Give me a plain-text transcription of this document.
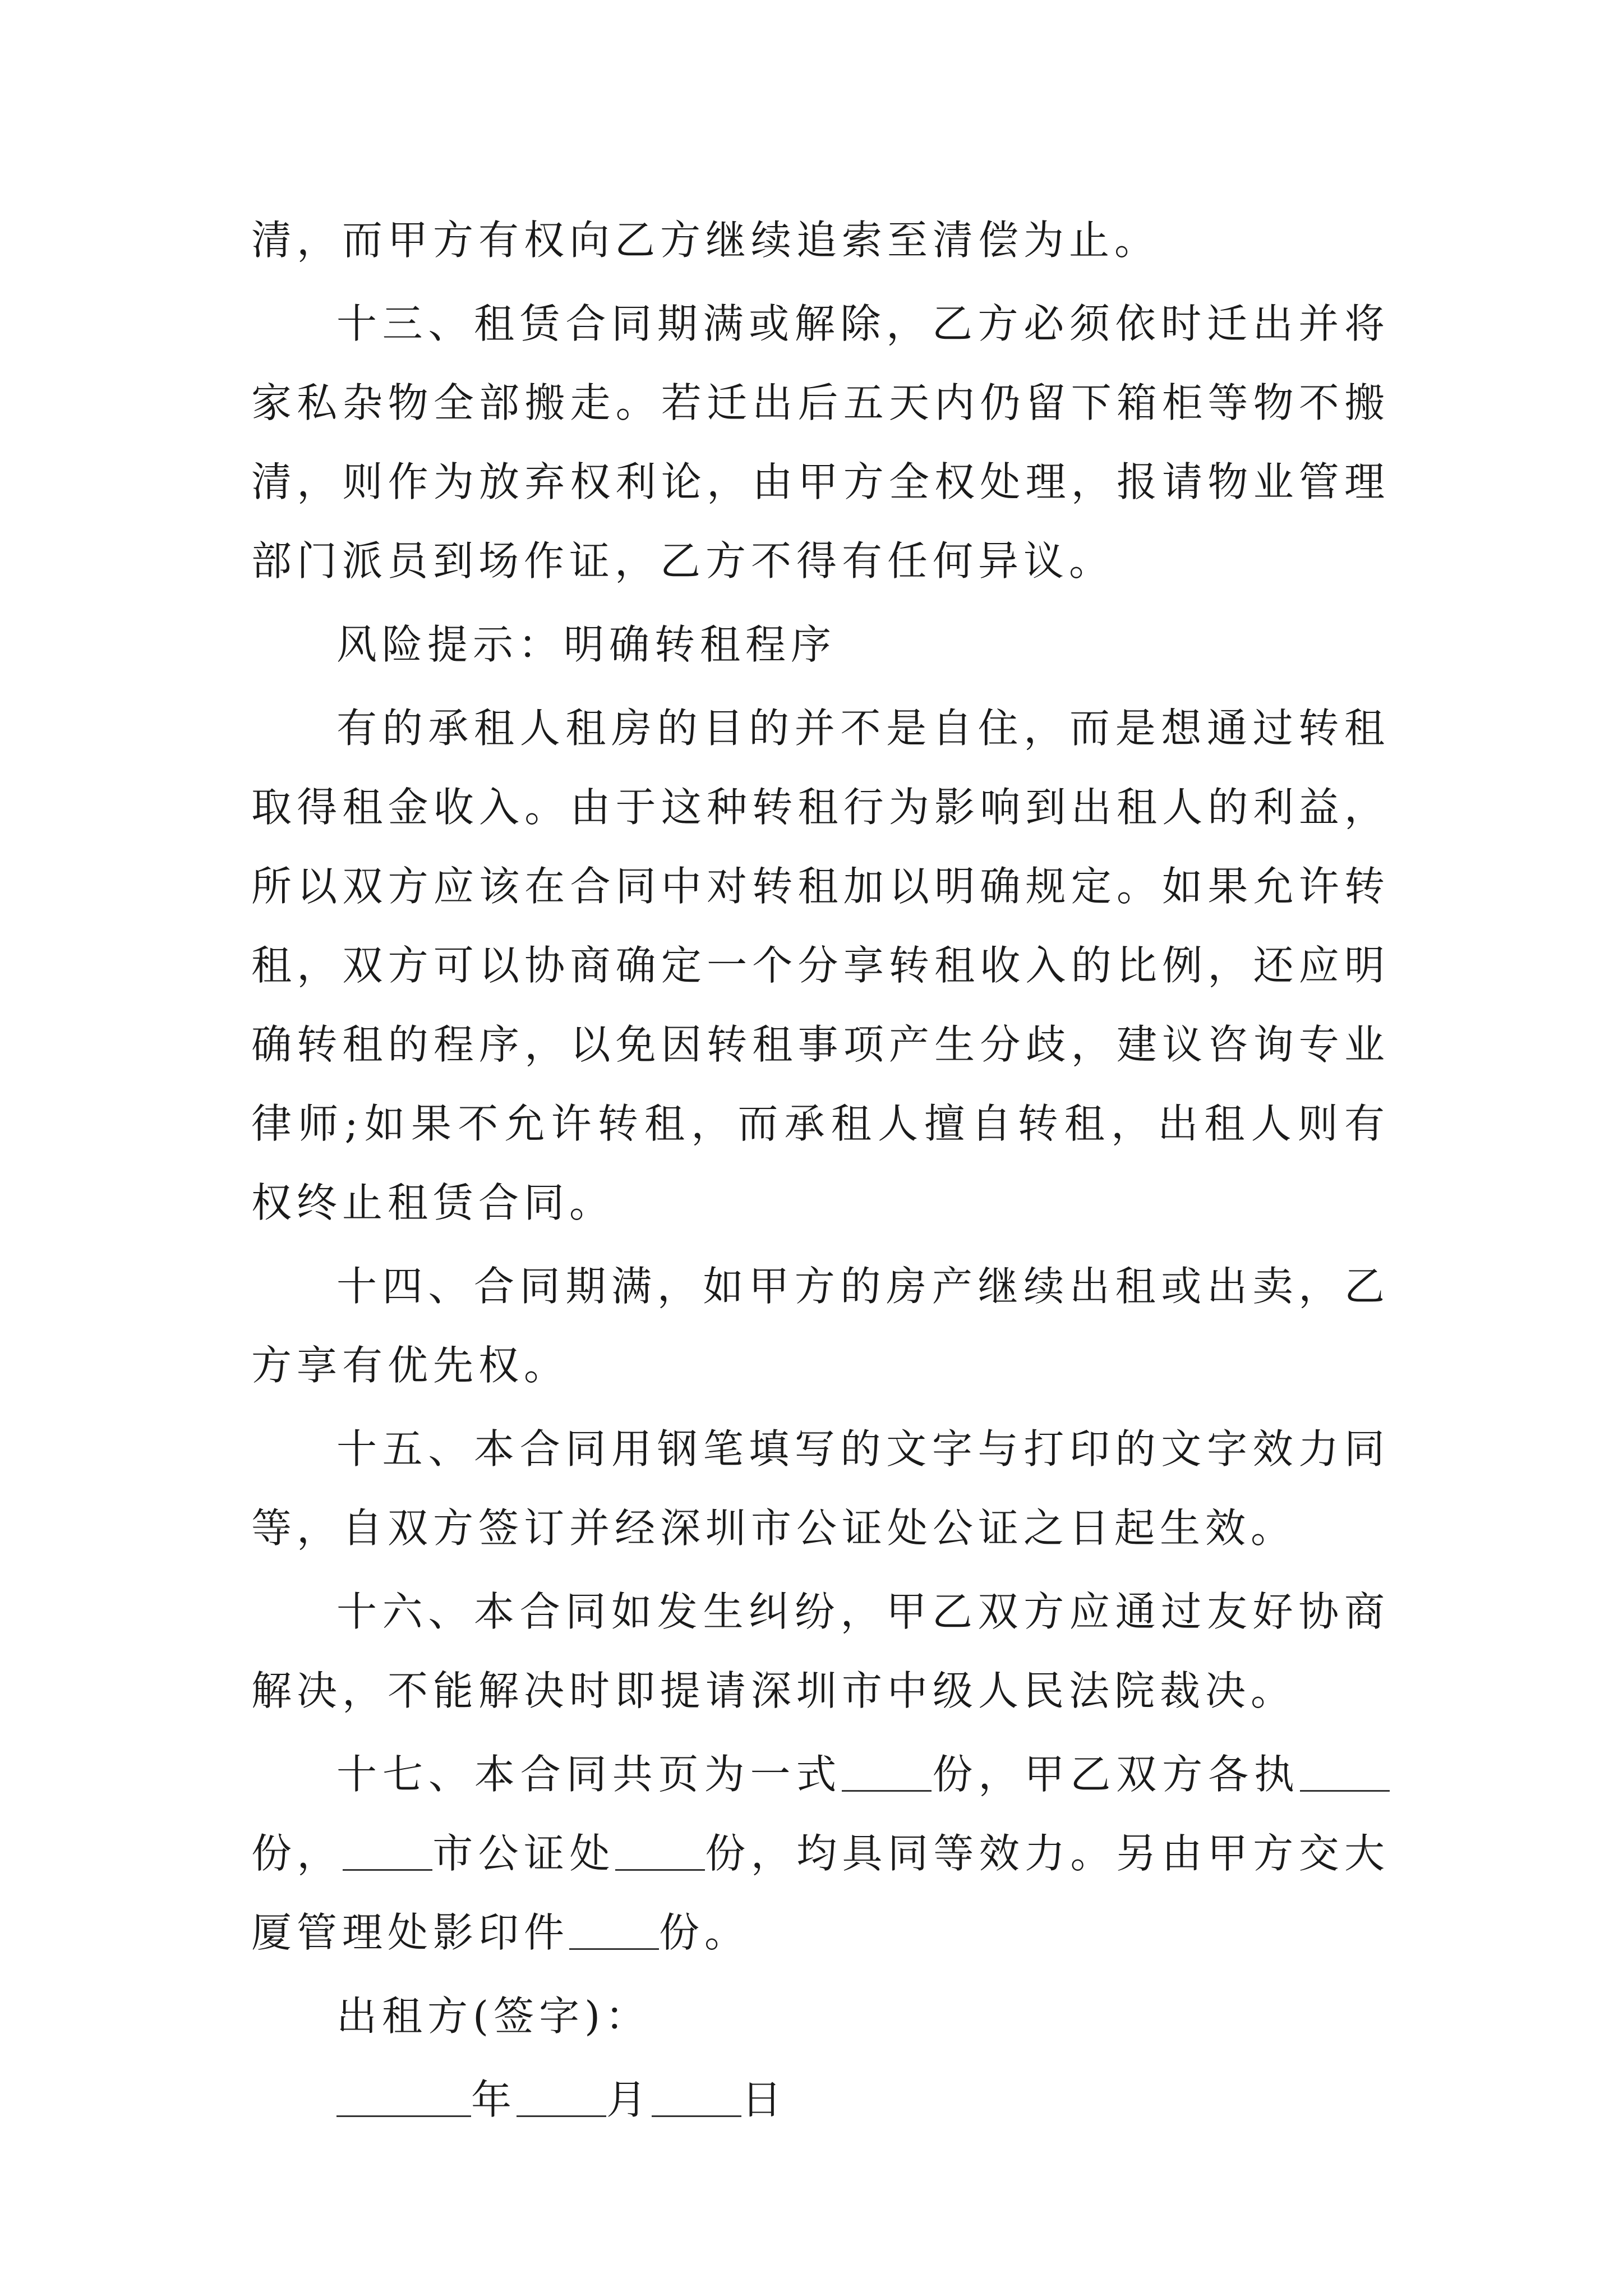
清，而甲方有权向乙方继续追索至清偿为止。

十三、租赁合同期满或解除，乙方必须依时迁出并将家私杂物全部搬走。若迁出后五天内仍留下箱柜等物不搬清，则作为放弃权利论，由甲方全权处理，报请物业管理部门派员到场作证，乙方不得有任何异议。

风险提示：明确转租程序

有的承租人租房的目的并不是自住，而是想通过转租取得租金收入。由于这种转租行为影响到出租人的利益，所以双方应该在合同中对转租加以明确规定。如果允许转租，双方可以协商确定一个分享转租收入的比例，还应明确转租的程序，以免因转租事项产生分歧，建议咨询专业律师;如果不允许转租，而承租人擅自转租，出租人则有权终止租赁合同。

十四、合同期满，如甲方的房产继续出租或出卖，乙方享有优先权。

十五、本合同用钢笔填写的文字与打印的文字效力同等，自双方签订并经深圳市公证处公证之日起生效。

十六、本合同如发生纠纷，甲乙双方应通过友好协商解决，不能解决时即提请深圳市中级人民法院裁决。

十七、本合同共页为一式 份，甲乙双方各执份， 市公证处 份，均具同等效力。另由甲方交大厦管理处影印件 份。

出租方(签字)：

年 月 日
